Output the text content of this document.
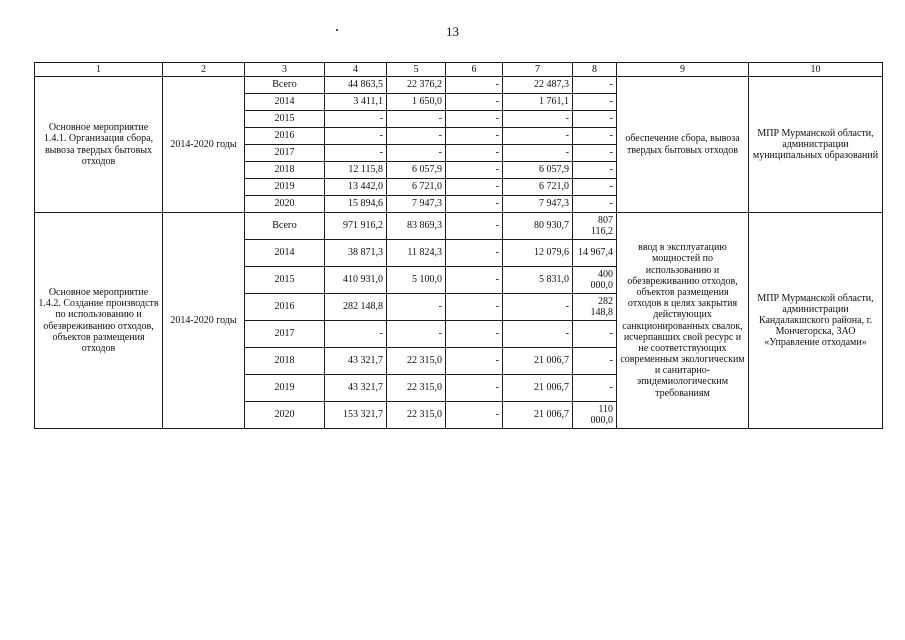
13
1	2	3	4	5	6	7	8	9	10
Основное мероприятие 1.4.1. Организация сбора, вывоза твердых бытовых отходов	2014-2020 годы	Всего	44 863,5	22 376,2	-	22 487,3	-	обеспечение сбора, вывоза твердых бытовых отходов	МПР Мурманской области, администрации муниципальных образований
		2014	3 411,1	1 650,0	-	1 761,1	-		
		2015	-	-	-	-	-		
		2016	-	-	-	-	-		
		2017	-	-	-	-	-		
		2018	12 115,8	6 057,9	-	6 057,9	-		
		2019	13 442,0	6 721,0	-	6 721,0	-		
		2020	15 894,6	7 947,3	-	7 947,3	-		
Основное мероприятие 1.4.2. Создание производств по использованию и обезвреживанию отходов, объектов размещения отходов	2014-2020 годы	Всего	971 916,2	83 869,3	-	80 930,7	807 116,2	ввод в эксплуатацию мощностей по использованию и обезвреживанию отходов, объектов размещения отходов в целях закрытия действующих санкционированных свалок, исчерпавших свой ресурс и не соответствующих современным экологическим и санитарно-эпидемиологическим требованиям	МПР Мурманской области, администрации Кандалакшского района, г. Мончегорска, ЗАО «Управление отходами»
		2014	38 871,3	11 824,3	-	12 079,6	14 967,4		
		2015	410 931,0	5 100,0	-	5 831,0	400 000,0		
		2016	282 148,8	-	-	-	282 148,8		
		2017	-	-	-	-	-		
		2018	43 321,7	22 315,0	-	21 006,7	-		
		2019	43 321,7	22 315,0	-	21 006,7	-		
		2020	153 321,7	22 315,0	-	21 006,7	110 000,0		
